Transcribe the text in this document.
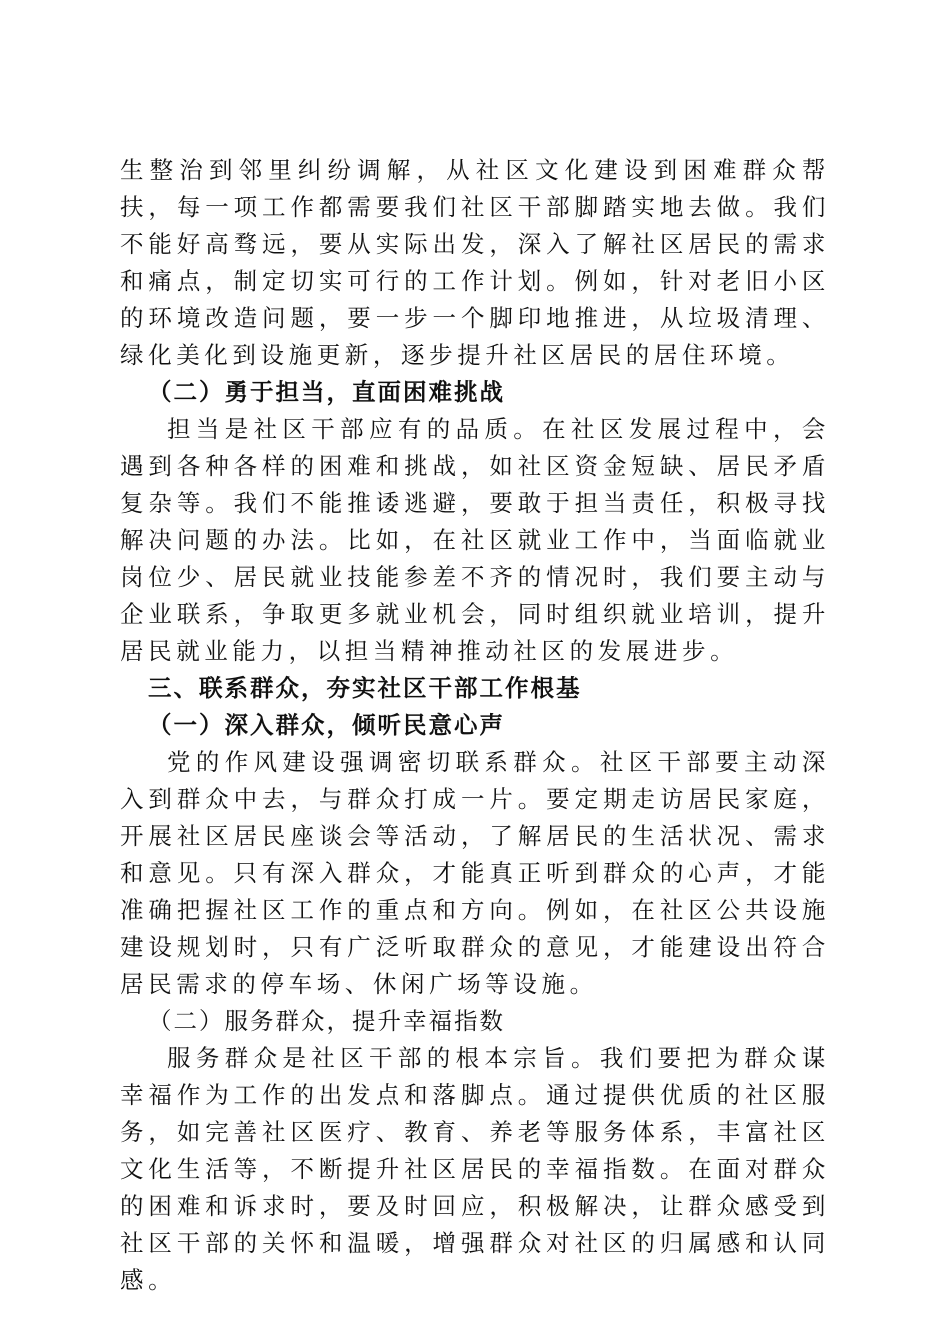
生整治到邻里纠纷调解，从社区文化建设到困难群众帮扶，每一项工作都需要我们社区干部脚踏实地去做。我们不能好高骛远，要从实际出发，深入了解社区居民的需求和痛点，制定切实可行的工作计划。例如，针对老旧小区的环境改造问题，要一步一个脚印地推进，从垃圾清理、绿化美化到设施更新，逐步提升社区居民的居住环境。

（二）勇于担当，直面困难挑战

担当是社区干部应有的品质。在社区发展过程中，会遇到各种各样的困难和挑战，如社区资金短缺、居民矛盾复杂等。我们不能推诿逃避，要敢于担当责任，积极寻找解决问题的办法。比如，在社区就业工作中，当面临就业岗位少、居民就业技能参差不齐的情况时，我们要主动与企业联系，争取更多就业机会，同时组织就业培训，提升居民就业能力，以担当精神推动社区的发展进步。

三、联系群众，夯实社区干部工作根基

（一）深入群众，倾听民意心声

党的作风建设强调密切联系群众。社区干部要主动深入到群众中去，与群众打成一片。要定期走访居民家庭，开展社区居民座谈会等活动，了解居民的生活状况、需求和意见。只有深入群众，才能真正听到群众的心声，才能准确把握社区工作的重点和方向。例如，在社区公共设施建设规划时，只有广泛听取群众的意见，才能建设出符合居民需求的停车场、休闲广场等设施。

（二）服务群众，提升幸福指数

服务群众是社区干部的根本宗旨。我们要把为群众谋幸福作为工作的出发点和落脚点。通过提供优质的社区服务，如完善社区医疗、教育、养老等服务体系，丰富社区文化生活等，不断提升社区居民的幸福指数。在面对群众的困难和诉求时，要及时回应，积极解决，让群众感受到社区干部的关怀和温暖，增强群众对社区的归属感和认同感。
